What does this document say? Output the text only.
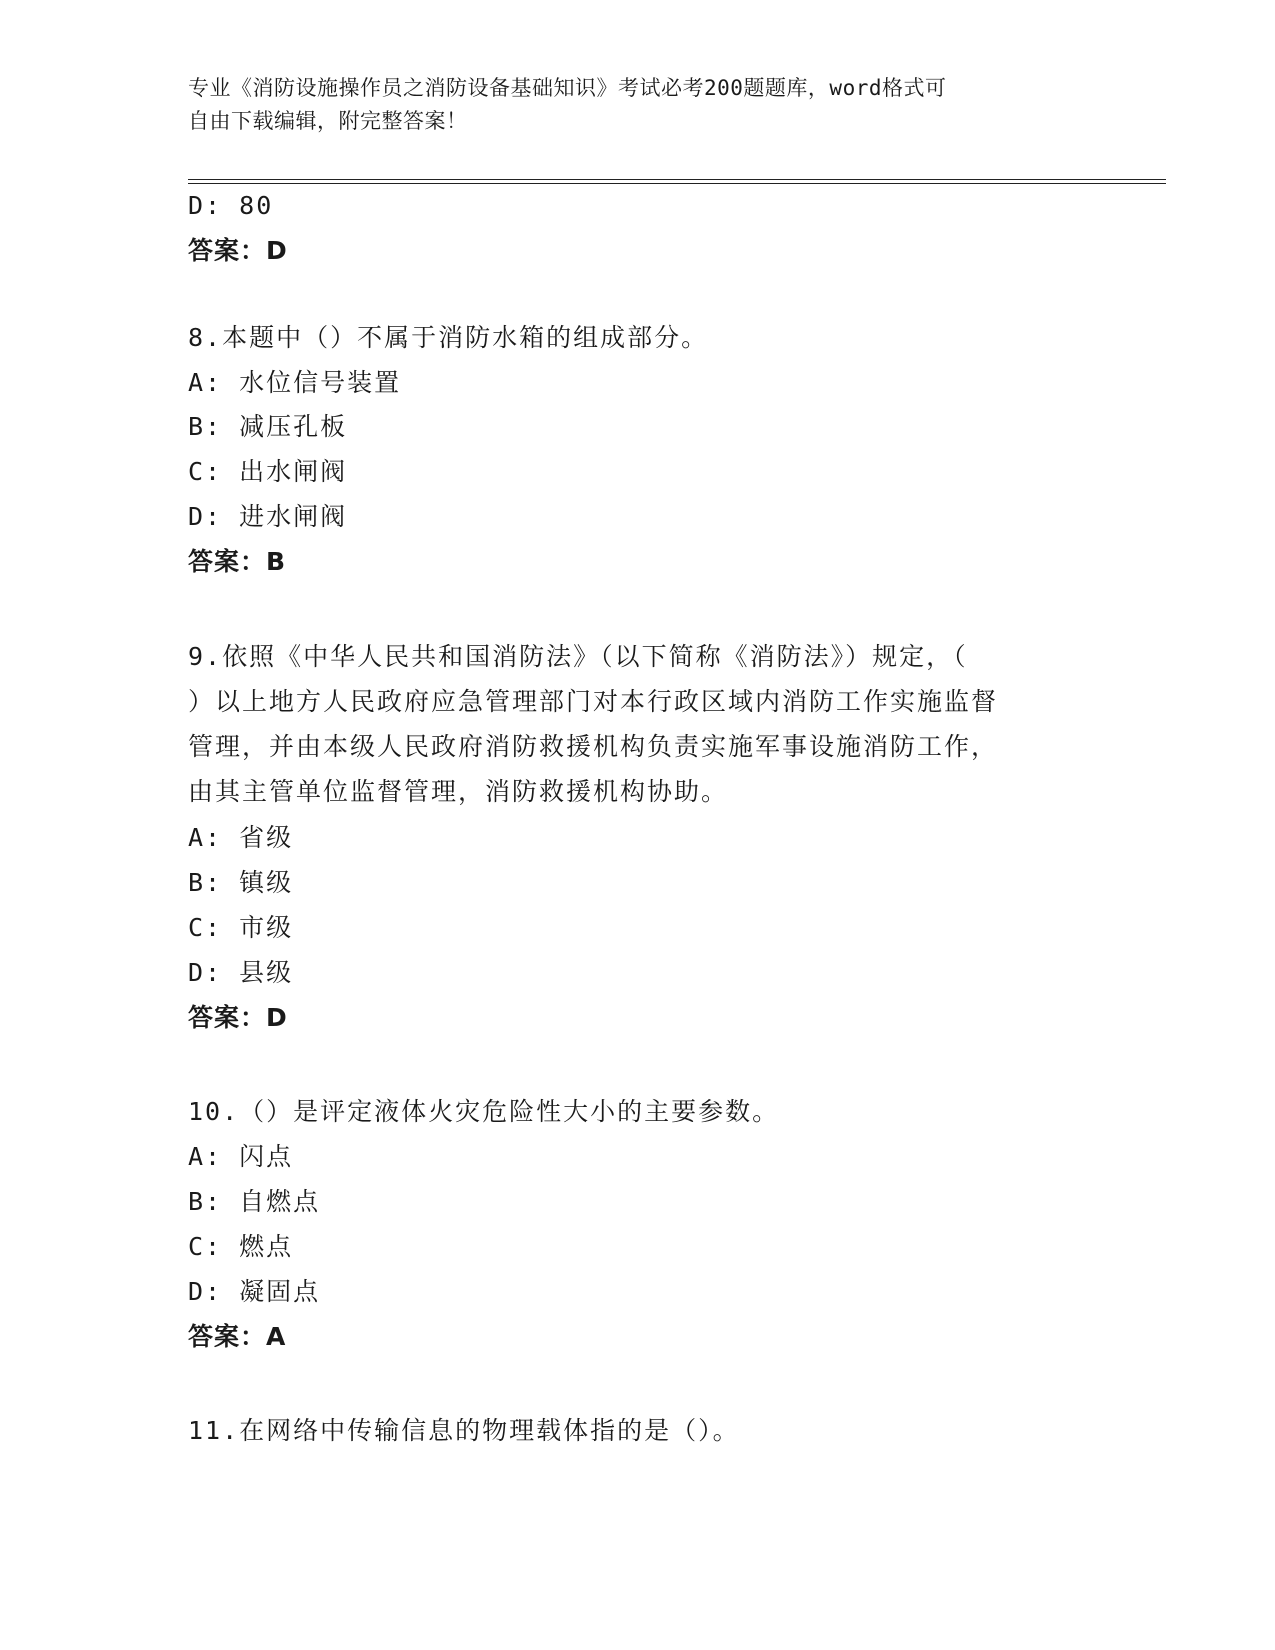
专业《消防设施操作员之消防设备基础知识》考试必考200题题库，word格式可
自由下载编辑，附完整答案！
D: 80
答案：D
8.本题中（）不属于消防水箱的组成部分。
A: 水位信号装置
B: 减压孔板
C: 出水闸阀
D: 进水闸阀
答案：B
9.依照《中华人民共和国消防法》（以下简称《消防法》）规定，（
）以上地方人民政府应急管理部门对本行政区域内消防工作实施监督
管理，并由本级人民政府消防救援机构负责实施军事设施消防工作，
由其主管单位监督管理，消防救援机构协助。
A: 省级
B: 镇级
C: 市级
D: 县级
答案：D
10.（）是评定液体火灾危险性大小的主要参数。
A: 闪点
B: 自燃点
C: 燃点
D: 凝固点
答案：A
11.在网络中传输信息的物理载体指的是（）。
